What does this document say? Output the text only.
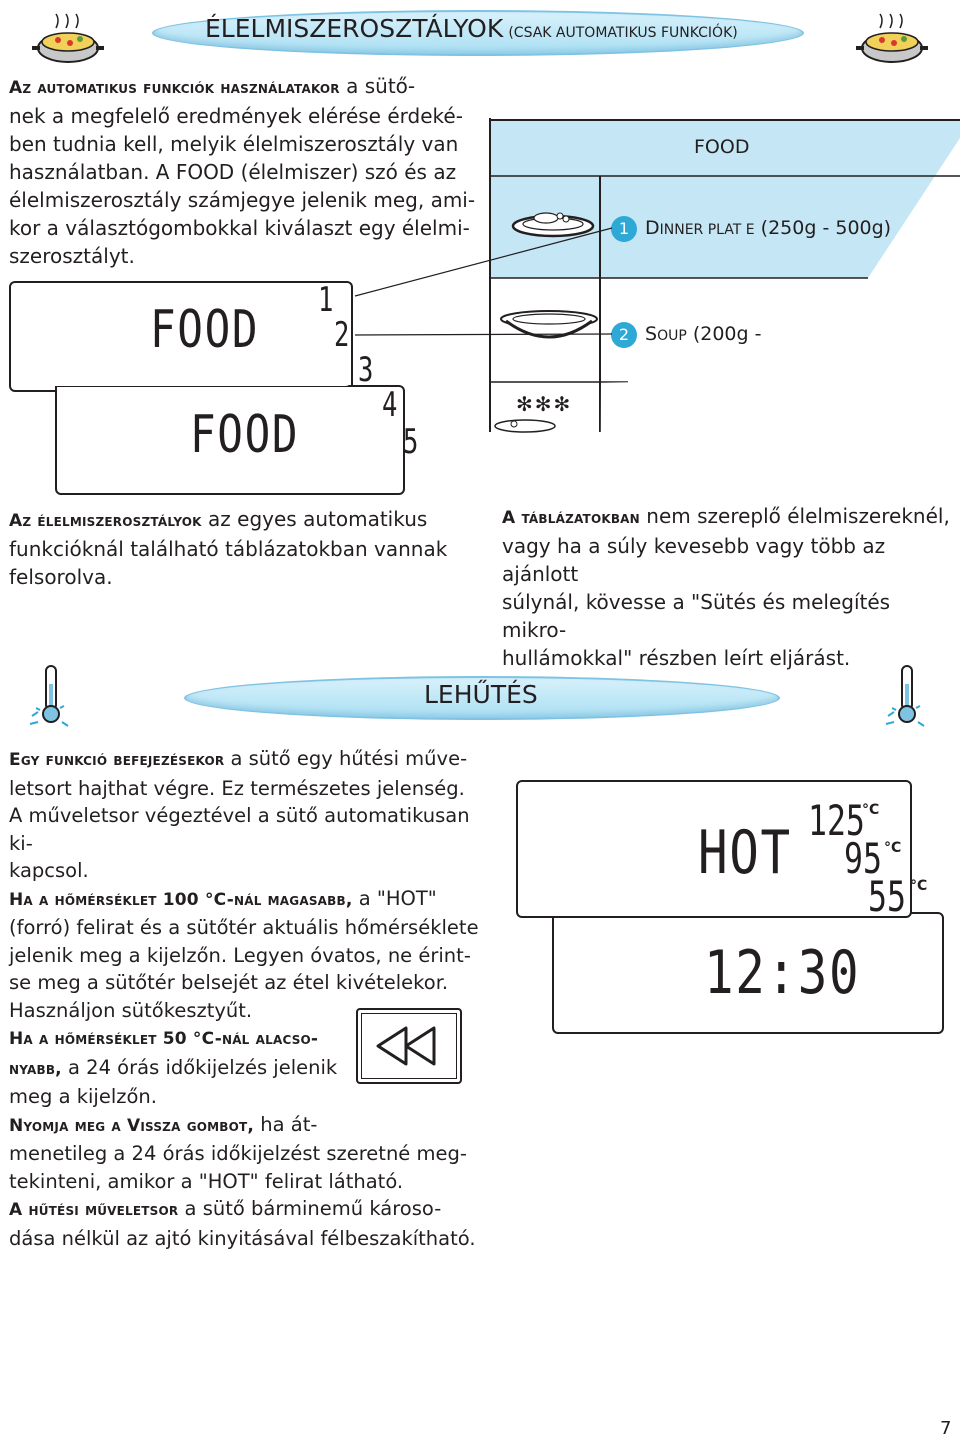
ÉLELMISZEROSZTÁLYOK (CSAK AUTOMATIKUS FUNKCIÓK)
Az automatikus funkciók használatakor a sütő-
nek a megfelelő eredmények elérése érdeké-
ben tudnia kell, melyik élelmiszerosztály van
használatban. A FOOD (élelmiszer) szó és az
élelmiszerosztály számjegye jelenik meg, ami-
kor a választógombokkal kiválaszt egy élelmi-
szerosztályt.
FOOD
1 DINNER PLAT E (250g - 500g)
2 SOUP (200g -
✻✻✻
FOOD
FOOD
1
2
3
4
5
Az élelmiszerosztályok az egyes automatikus
funkcióknál található táblázatokban vannak
felsorolva.
A táblázatokban nem szereplő élelmiszereknél,
vagy ha a súly kevesebb vagy több az ajánlott
súlynál, kövesse a "Sütés és melegítés mikro-
hullámokkal" részben leírt eljárást.
LEHŰTÉS
Egy funkció befejezésekor a sütő egy hűtési műve-
letsort hajthat végre. Ez természetes jelenség.
A műveletsor végeztével a sütő automatikusan ki-
kapcsol.
Ha a hőmérséklet 100 °C-nál magasabb, a "HOT"
(forró) felirat és a sütőtér aktuális hőmérséklete
jelenik meg a kijelzőn. Legyen óvatos, ne érint-
se meg a sütőtér belsejét az étel kivételekor.
Használjon sütőkesztyűt.
Ha a hőmérséklet 50 °C-nál alacso-
nyabb, a 24 órás időkijelzés jelenik
meg a kijelzőn.
Nyomja meg a Vissza gombot, ha át-
menetileg a 24 órás időkijelzést szeretné meg-
tekinteni, amikor a "HOT" felirat látható.
A hűtési műveletsor a sütő bárminemű károso-
dása nélkül az ajtó kinyitásával félbeszakítható.
HOT 125
°C
95 °C
55 °C
12:30
7
